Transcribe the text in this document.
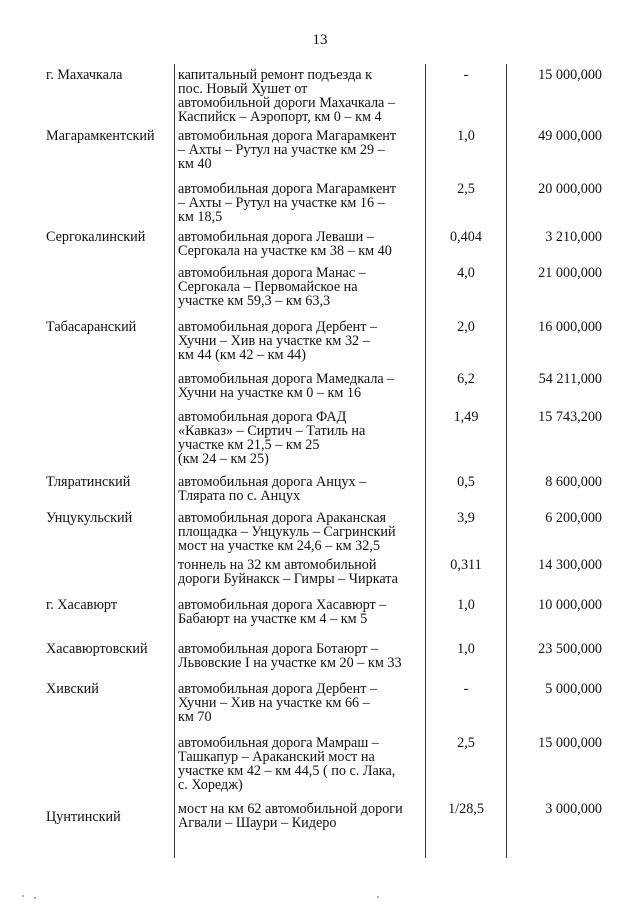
13
г. Махачкала	капитальный ремонт подъезда к
пос. Новый Хушет от
автомобильной дороги Махачкала –
Каспийск – Аэропорт, км 0 – км 4
-	15 000,000
Магарамкентский	автомобильная дорога Магарамкент
– Ахты – Рутул на участке км 29 –
км 40
1,0	49 000,000
автомобильная дорога Магарамкент
– Ахты – Рутул на участке км 16 –
км 18,5
2,5	20 000,000
Сергокалинский	автомобильная дорога Леваши –
Сергокала на участке км 38 – км 40
0,404	3 210,000
автомобильная дорога Манас –
Сергокала – Первомайское на
участке км 59,3 – км 63,3
4,0	21 000,000
Табасаранский	автомобильная дорога Дербент –
Хучни – Хив на участке км 32 –
км 44 (км 42 – км 44)
2,0	16 000,000
автомобильная дорога Мамедкала –
Хучни на участке км 0 – км 16
6,2	54 211,000
автомобильная дорога ФАД
«Кавказ» – Сиртич – Татиль на
участке км 21,5 – км 25
(км 24 – км 25)
1,49	15 743,200
Тляратинский	автомобильная дорога Анцух –
Тлярата по с. Анцух
0,5	8 600,000
Унцукульский	автомобильная дорога Араканская
площадка – Унцукуль – Сагринский
мост на участке км 24,6 – км 32,5
3,9	6 200,000
тоннель на 32 км автомобильной
дороги Буйнакск – Гимры – Чирката
0,311	14 300,000
г. Хасавюрт	автомобильная дорога Хасавюрт –
Бабаюрт на участке км 4 – км 5
1,0	10 000,000
Хасавюртовский	автомобильная дорога Ботаюрт –
Львовские I на участке км 20 – км 33
1,0	23 500,000
Хивский	автомобильная дорога Дербент –
Хучни – Хив на участке км 66 –
км 70
-	5 000,000
автомобильная дорога Мамраш –
Ташкапур – Араканский мост на
участке км 42 – км 44,5 ( по с. Лака,
с. Хоредж)
2,5	15 000,000
Цунтинский	мост на км 62 автомобильной дороги
Агвали – Шаури – Кидеро
1/28,5	3 000,000
